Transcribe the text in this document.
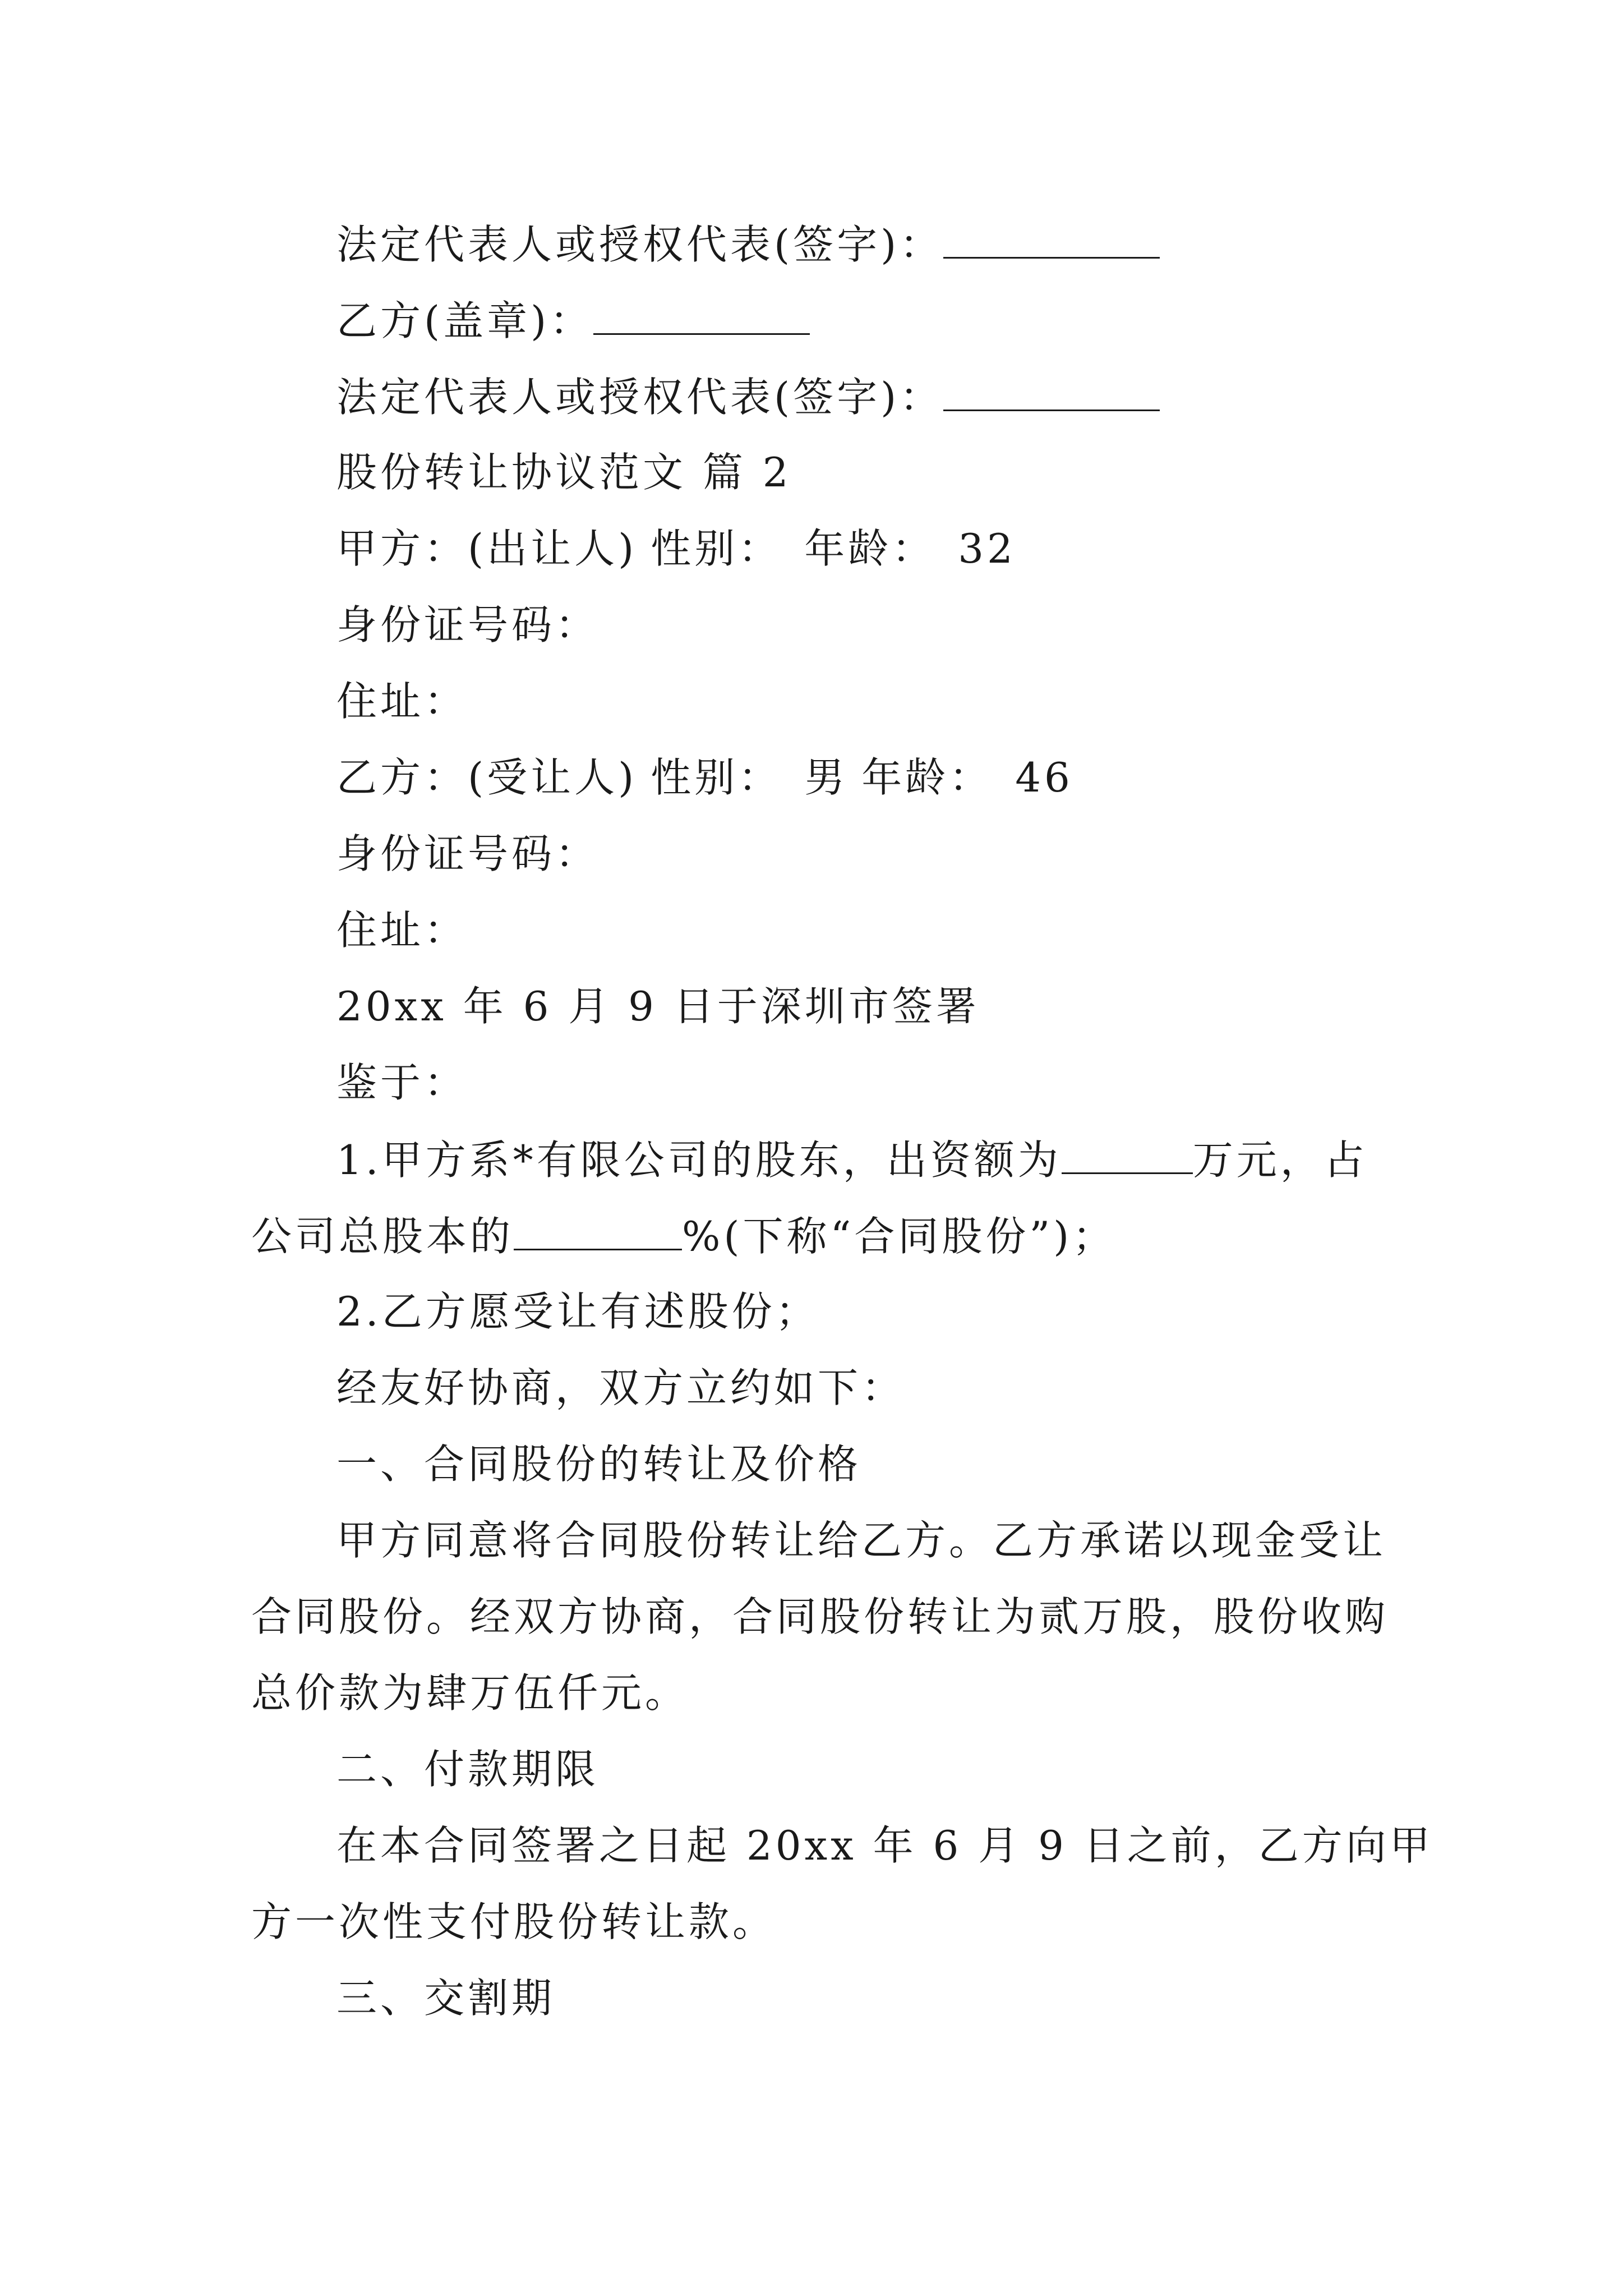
法定代表人或授权代表(签字)：
乙方(盖章)：
法定代表人或授权代表(签字)：
股份转让协议范文 篇 2
甲方：(出让人) 性别： 年龄： 32
身份证号码：
住址：
乙方：(受让人) 性别： 男 年龄： 46
身份证号码：
住址：
20xx 年 6 月 9 日于深圳市签署
鉴于：
1.甲方系*有限公司的股东，出资额为	万元，占
公司总股本的	%(下称“合同股份”)；
2.乙方愿受让有述股份；
经友好协商，双方立约如下：
一、合同股份的转让及价格
甲方同意将合同股份转让给乙方。乙方承诺以现金受让
合同股份。经双方协商，合同股份转让为贰万股，股份收购
总价款为肆万伍仟元。
二、付款期限
在本合同签署之日起 20xx 年 6 月 9 日之前，乙方向甲
方一次性支付股份转让款。
三、交割期
